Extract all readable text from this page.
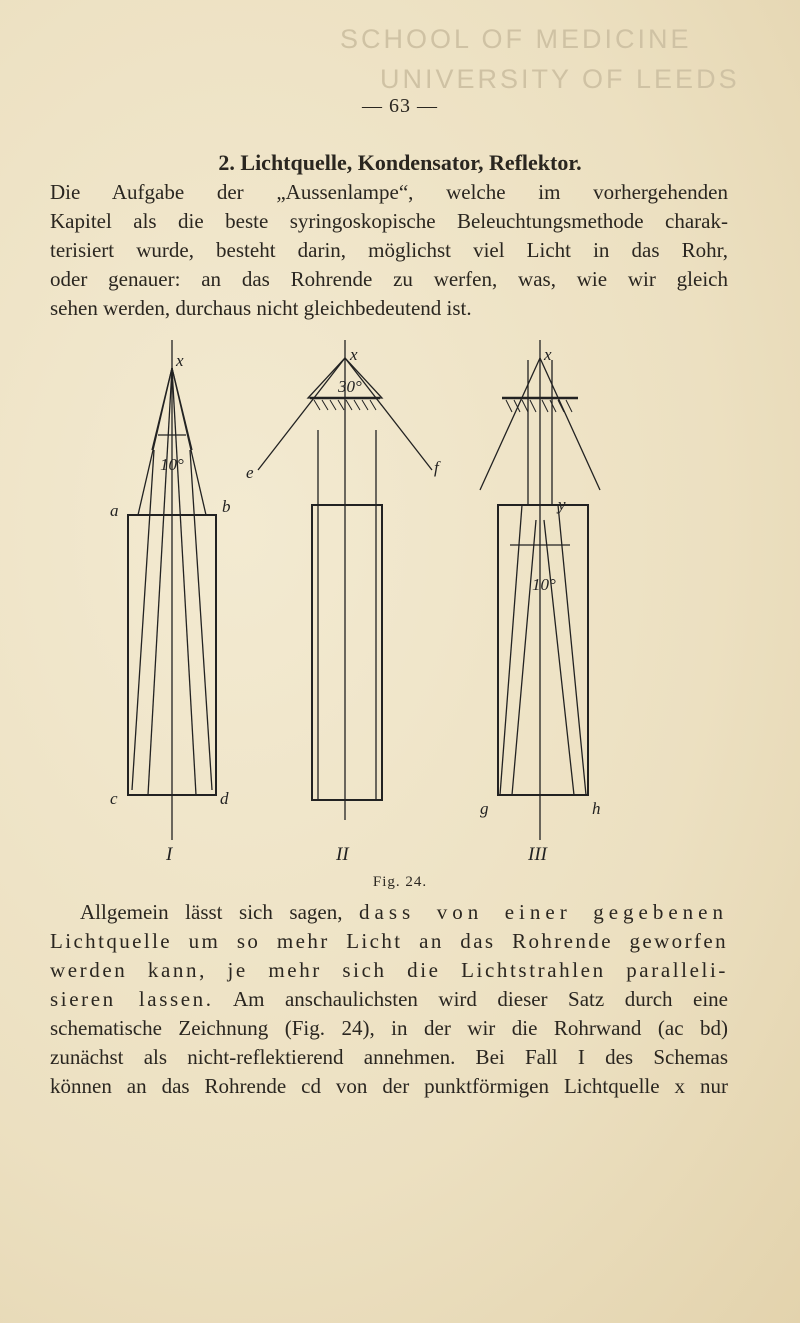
SCHOOL OF MEDICINE
UNIVERSITY OF LEEDS
— 63 —
2. Lichtquelle, Kondensator, Reflektor.
Die Aufgabe der „Aussenlampe“, welche im vorhergehenden
Kapitel als die beste syringoskopische Beleuchtungsmethode charak-
terisiert wurde, besteht darin, möglichst viel Licht in das Rohr,
oder genauer: an das Rohrende zu werfen, was, wie wir gleich
sehen werden, durchaus nicht gleichbedeutend ist.
x
a	b
c	d
10°
I
x
e	f
30°
II
x
y
g	h
10°
III
Fig. 24.
Allgemein lässt sich sagen, dass von einer gegebenen
Lichtquelle um so mehr Licht an das Rohrende geworfen
werden kann, je mehr sich die Lichtstrahlen paralleli-
sieren lassen. Am anschaulichsten wird dieser Satz durch eine
schematische Zeichnung (Fig. 24), in der wir die Rohrwand (ac bd)
zunächst als nicht-reflektierend annehmen. Bei Fall I des Schemas
können an das Rohrende cd von der punktförmigen Lichtquelle x nur
